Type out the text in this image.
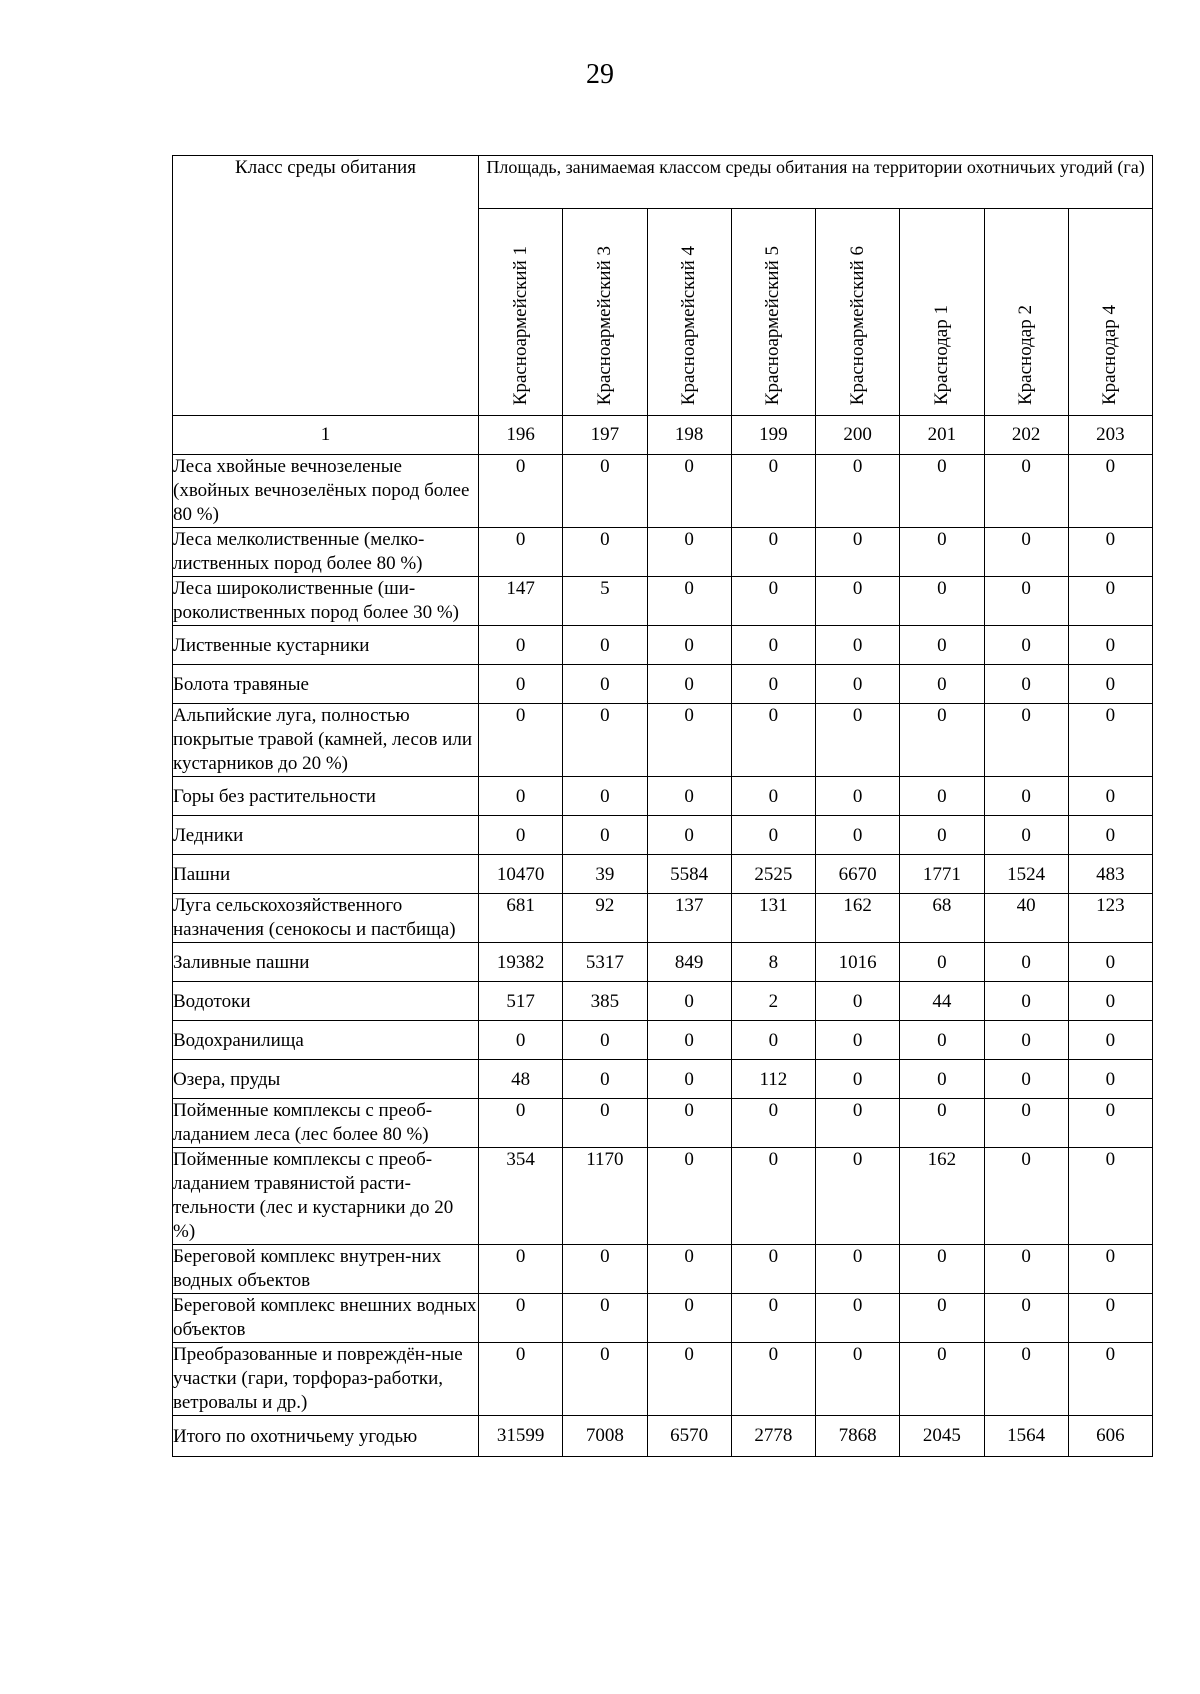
29
Класс среды обитания	Площадь, занимаемая классом среды обитания на территории охотничьих угодий (га)							

	Красноармейский 1	Красноармейский 3	Красноармейский 4	Красноармейский 5	Красноармейский 6	Краснодар 1	Краснодар 2	Краснодар 4

1	196	197	198	199	200	201	202	203
Леса хвойные вечнозеленые (хвойных вечнозелёных пород более 80 %)	0	0	0	0	0	0	0	0
Леса мелколиственные (мелко-лиственных пород более 80 %)	0	0	0	0	0	0	0	0
Леса широколиственные (ши-роколиственных пород более 30 %)	147	5	0	0	0	0	0	0
Лиственные кустарники	0	0	0	0	0	0	0	0
Болота травяные	0	0	0	0	0	0	0	0
Альпийские луга, полностью покрытые травой (камней, лесов или кустарников до 20 %)	0	0	0	0	0	0	0	0
Горы без растительности	0	0	0	0	0	0	0	0
Ледники	0	0	0	0	0	0	0	0
Пашни	10470	39	5584	2525	6670	1771	1524	483
Луга сельскохозяйственного назначения (сенокосы и пастбища)	681	92	137	131	162	68	40	123
Заливные пашни	19382	5317	849	8	1016	0	0	0
Водотоки	517	385	0	2	0	44	0	0
Водохранилища	0	0	0	0	0	0	0	0
Озера, пруды	48	0	0	112	0	0	0	0
Пойменные комплексы с преоб-ладанием леса (лес более 80 %)	0	0	0	0	0	0	0	0
Пойменные комплексы с преоб-ладанием травянистой расти-тельности (лес и кустарники до 20 %)	354	1170	0	0	0	162	0	0
Береговой комплекс внутрен-них водных объектов	0	0	0	0	0	0	0	0
Береговой комплекс внешних водных объектов	0	0	0	0	0	0	0	0
Преобразованные и повреждён-ные участки (гари, торфораз-работки, ветровалы и др.)	0	0	0	0	0	0	0	0
Итого по охотничьему угодью	31599	7008	6570	2778	7868	2045	1564	606
